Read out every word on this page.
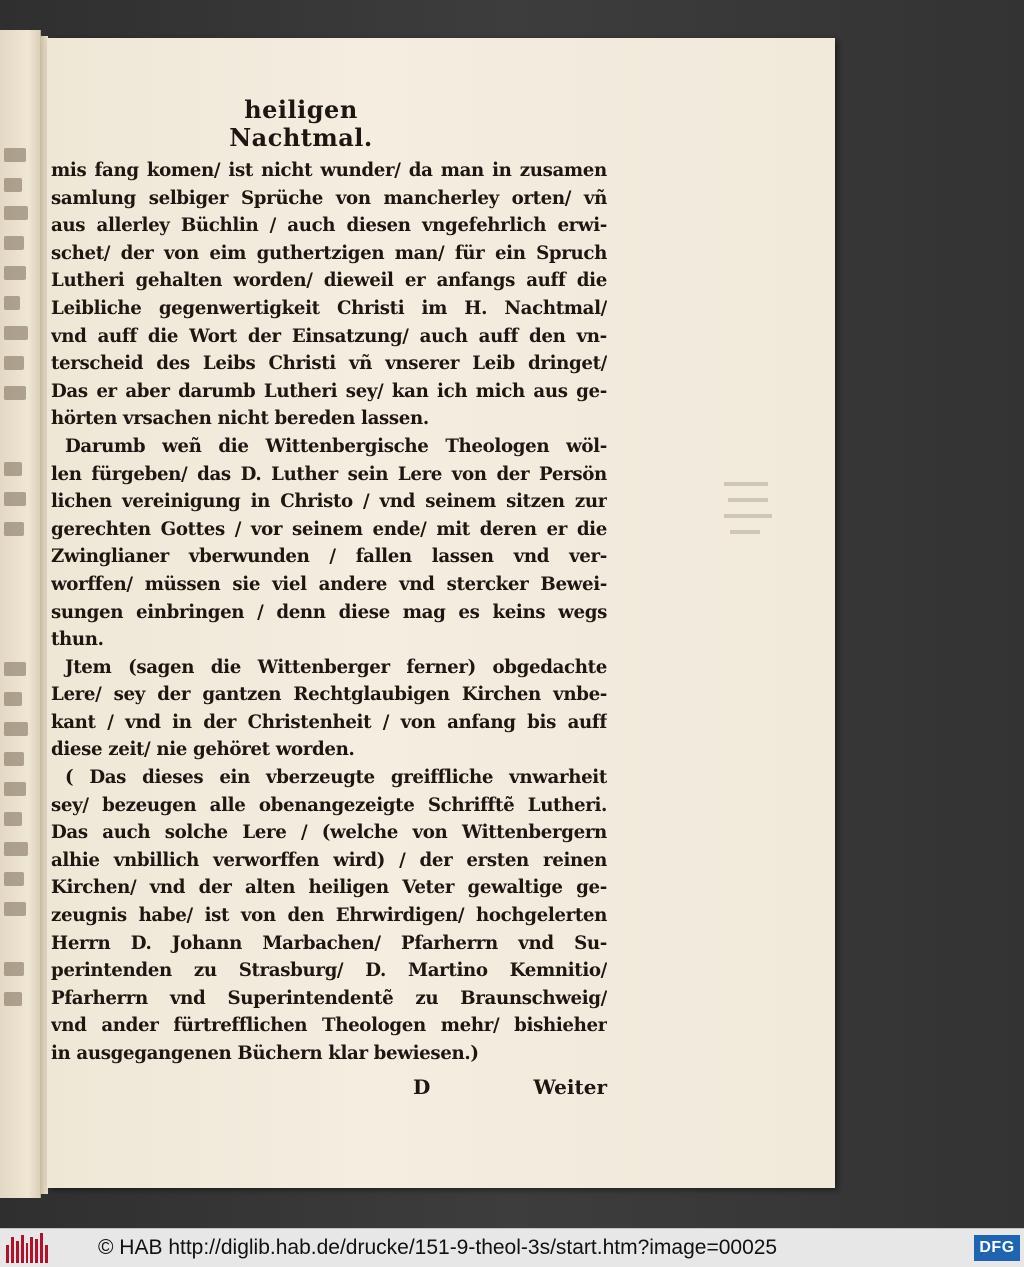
heiligen Nachtmal.
mis fang komen/ ist nicht wunder/ da man in zusamen
samlung selbiger Sprüche von mancherley orten/ vñ
aus allerley Büchlin / auch diesen vngefehrlich erwi-
schet/ der von eim guthertzigen man/ für ein Spruch
Lutheri gehalten worden/ dieweil er anfangs auff die
Leibliche gegenwertigkeit Christi im H. Nachtmal/
vnd auff die Wort der Einsatzung/ auch auff den vn-
terscheid des Leibs Christi vñ vnserer Leib dringet/
Das er aber darumb Lutheri sey/ kan ich mich aus ge-
hörten vrsachen nicht bereden lassen.
Darumb weñ die Wittenbergische Theologen wöl-
len fürgeben/ das D. Luther sein Lere von der Persön
lichen vereinigung in Christo / vnd seinem sitzen zur
gerechten Gottes / vor seinem ende/ mit deren er die
Zwinglianer vberwunden / fallen lassen vnd ver-
worffen/ müssen sie viel andere vnd stercker Bewei-
sungen einbringen / denn diese mag es keins wegs
thun.
Jtem (sagen die Wittenberger ferner) obgedachte
Lere/ sey der gantzen Rechtglaubigen Kirchen vnbe-
kant / vnd in der Christenheit / von anfang bis auff
diese zeit/ nie gehöret worden.
( Das dieses ein vberzeugte greiffliche vnwarheit
sey/ bezeugen alle obenangezeigte Schrifftẽ Lutheri.
Das auch solche Lere / (welche von Wittenbergern
alhie vnbillich verworffen wird) / der ersten reinen
Kirchen/ vnd der alten heiligen Veter gewaltige ge-
zeugnis habe/ ist von den Ehrwirdigen/ hochgelerten
Herrn D. Johann Marbachen/ Pfarherrn vnd Su-
perintenden zu Strasburg/ D. Martino Kemnitio/
Pfarherrn vnd Superintendentẽ zu Braunschweig/
vnd ander fürtrefflichen Theologen mehr/ bishieher
in ausgegangenen Büchern klar bewiesen.)
D	Weiter
© HAB http://diglib.hab.de/drucke/151-9-theol-3s/start.htm?image=00025	DFG
